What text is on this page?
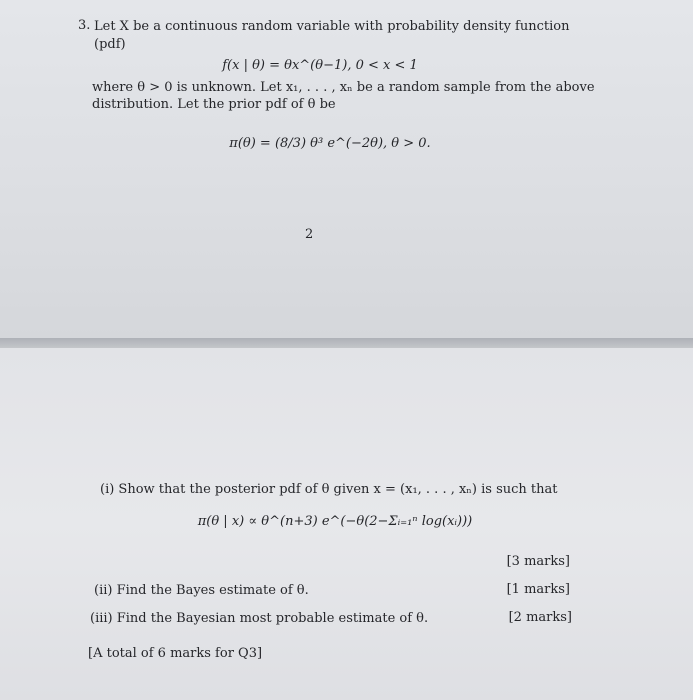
3. Let X be a continuous random variable with probability density function
(pdf)
f(x | θ) = θx^(θ−1), 0 < x < 1
where θ > 0 is unknown. Let x₁, . . . , xₙ be a random sample from the above
distribution. Let the prior pdf of θ be
π(θ) = (8/3) θ³ e^(−2θ), θ > 0.
2
(i) Show that the posterior pdf of θ given x = (x₁, . . . , xₙ) is such that
π(θ | x) ∝ θ^(n+3) e^(−θ(2−Σᵢ₌₁ⁿ log(xᵢ)))
[3 marks]
(ii) Find the Bayes estimate of θ.	[1 marks]
(iii) Find the Bayesian most probable estimate of θ.	[2 marks]
[A total of 6 marks for Q3]
